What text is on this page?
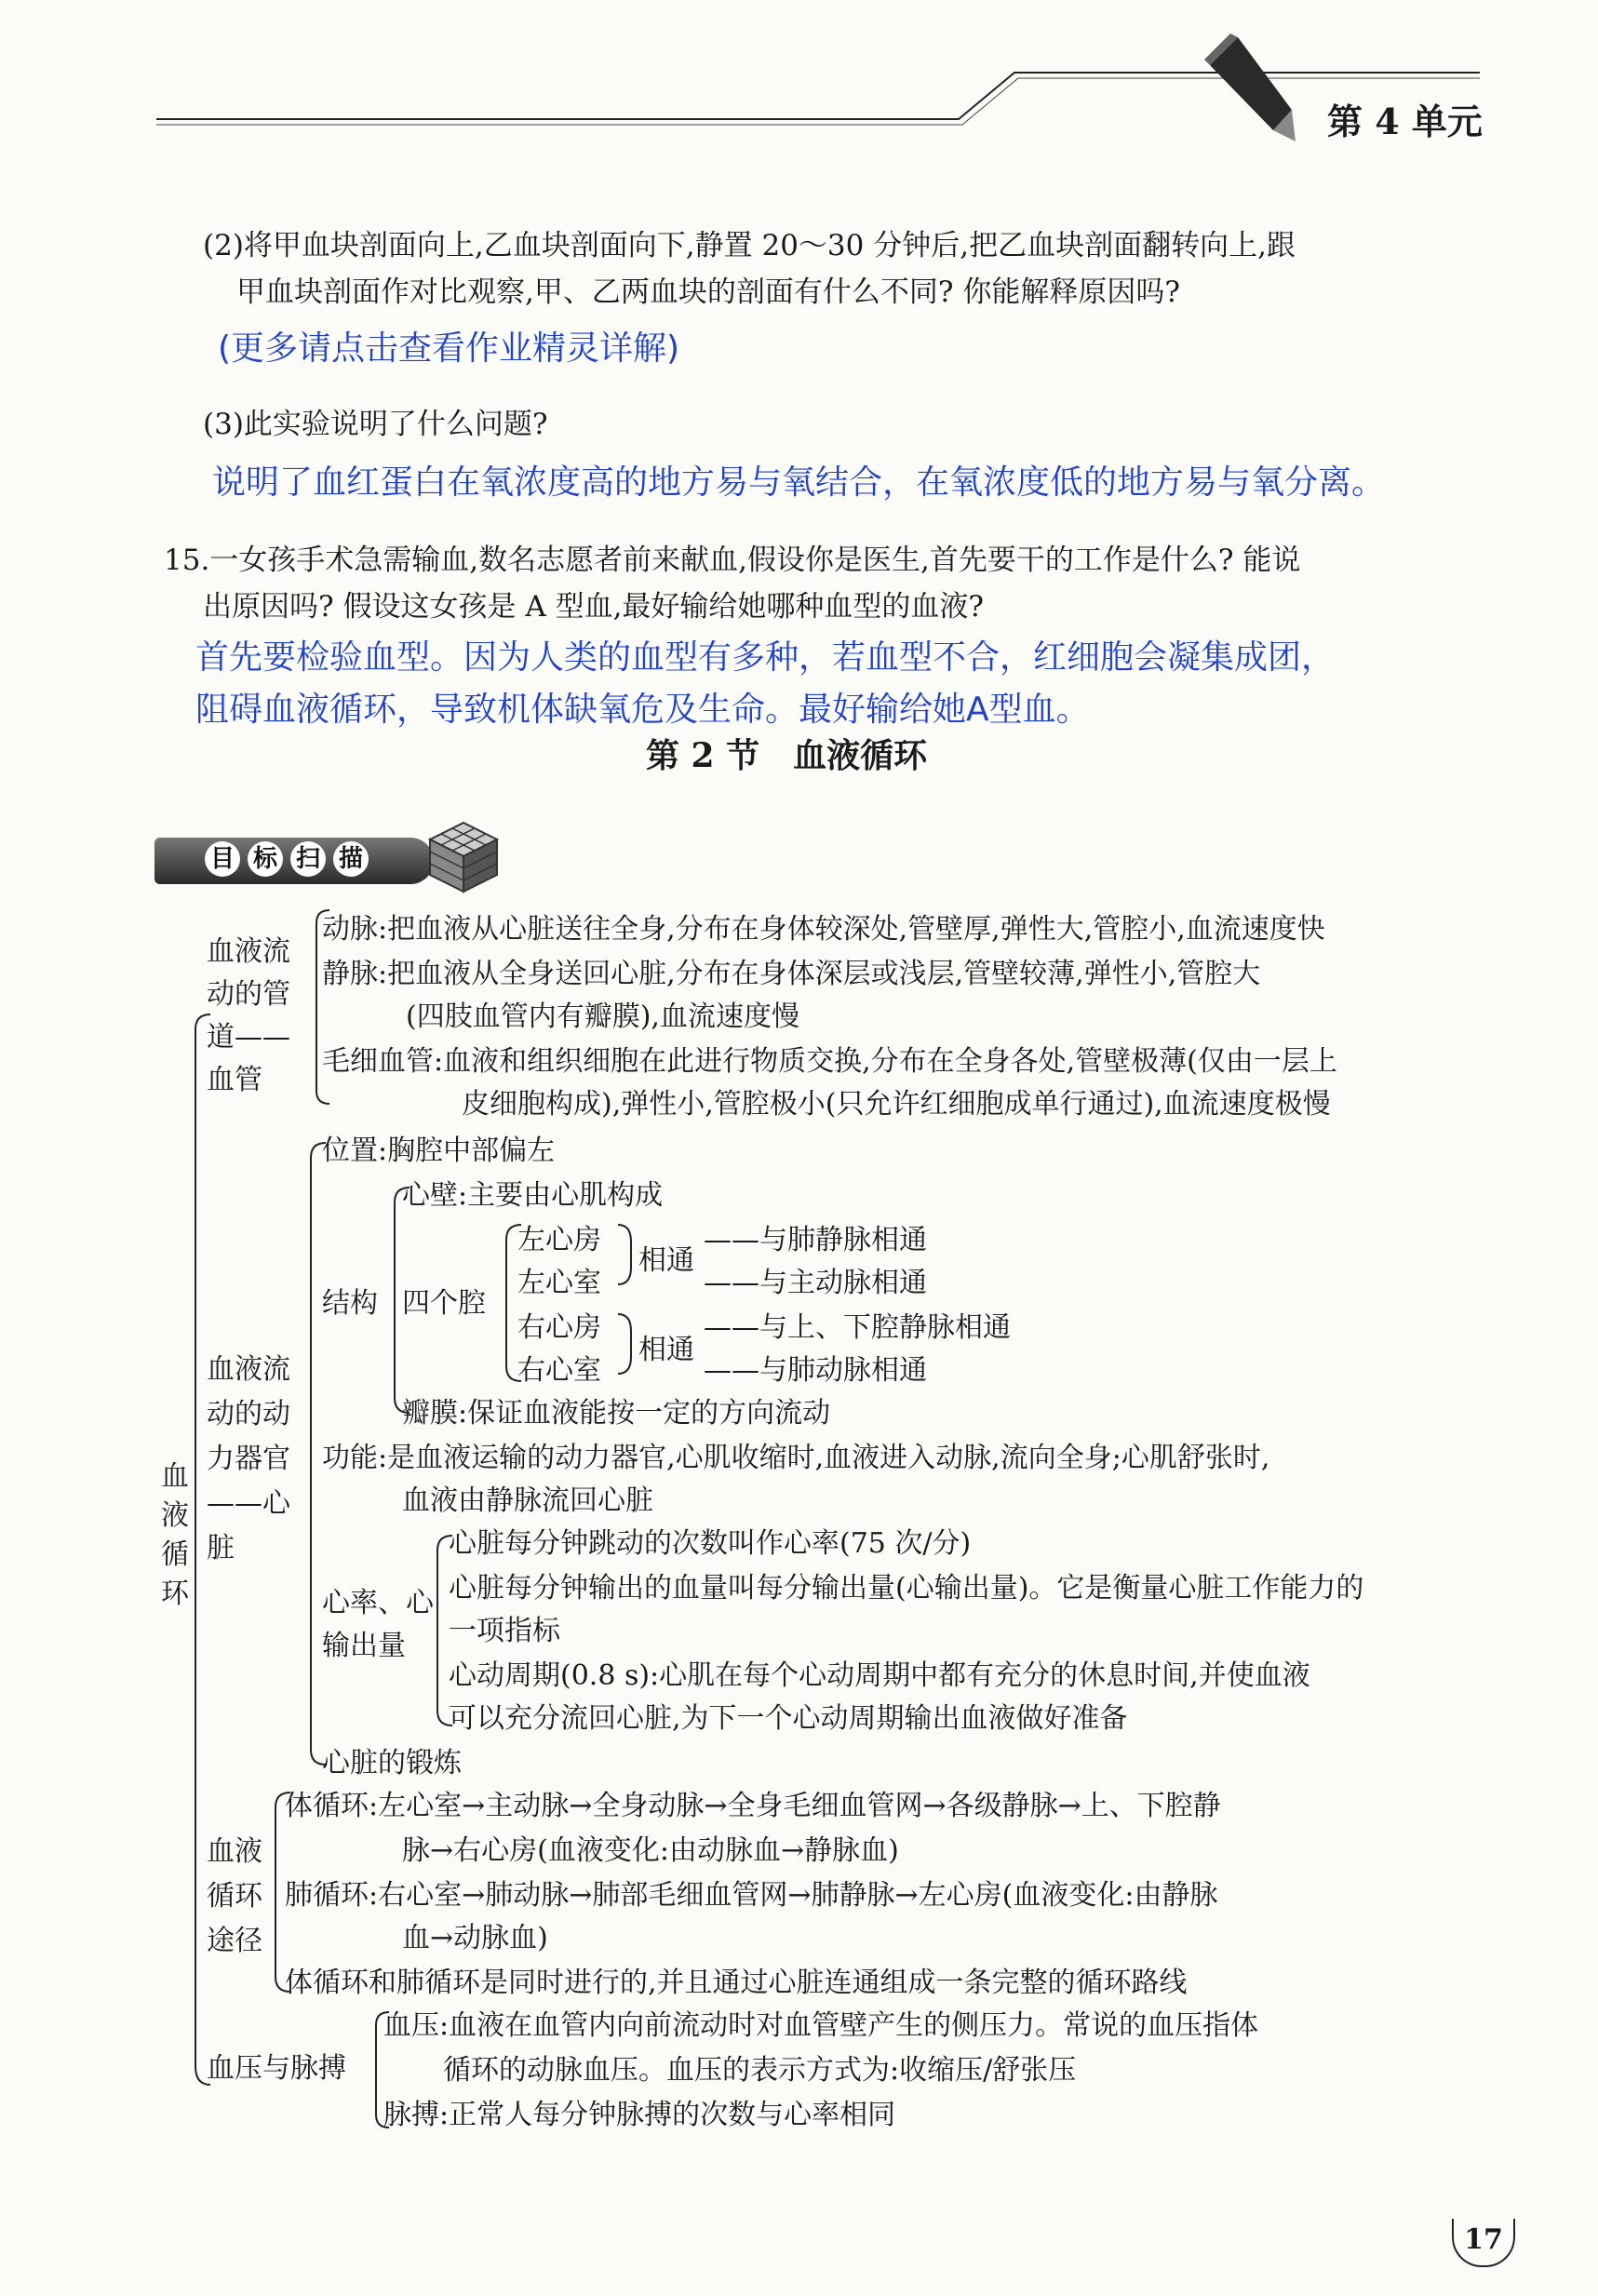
第 4 单元
(2)将甲血块剖面向上,乙血块剖面向下,静置 20～30 分钟后,把乙血块剖面翻转向上,跟
甲血块剖面作对比观察,甲、乙两血块的剖面有什么不同? 你能解释原因吗?
(更多请点击查看作业精灵详解)
(3)此实验说明了什么问题?
说明了血红蛋白在氧浓度高的地方易与氧结合，在氧浓度低的地方易与氧分离。
15.一女孩手术急需输血,数名志愿者前来献血,假设你是医生,首先要干的工作是什么? 能说
出原因吗? 假设这女孩是 A 型血,最好输给她哪种血型的血液?
首先要检验血型。因为人类的血型有多种，若血型不合，红细胞会凝集成团，
阻碍血液循环，导致机体缺氧危及生命。最好输给她A型血。
第 2 节　血液循环
目 标 扫 描
血
液
循
环
血液流
动的管
道——
血管
动脉:把血液从心脏送往全身,分布在身体较深处,管壁厚,弹性大,管腔小,血流速度快
静脉:把血液从全身送回心脏,分布在身体深层或浅层,管壁较薄,弹性小,管腔大
(四肢血管内有瓣膜),血流速度慢
毛细血管:血液和组织细胞在此进行物质交换,分布在全身各处,管壁极薄(仅由一层上
皮细胞构成),弹性小,管腔极小(只允许红细胞成单行通过),血流速度极慢
血液流
动的动
力器官
——心
脏
位置:胸腔中部偏左
结构
心壁:主要由心肌构成
四个腔
左心房
左心室
右心房
右心室
相通
相通
——与肺静脉相通
——与主动脉相通
——与上、下腔静脉相通
——与肺动脉相通
瓣膜:保证血液能按一定的方向流动
功能:是血液运输的动力器官,心肌收缩时,血液进入动脉,流向全身;心肌舒张时,
血液由静脉流回心脏
心率、心
输出量
心脏每分钟跳动的次数叫作心率(75 次/分)
心脏每分钟输出的血量叫每分输出量(心输出量)。它是衡量心脏工作能力的
一项指标
心动周期(0.8 s):心肌在每个心动周期中都有充分的休息时间,并使血液
可以充分流回心脏,为下一个心动周期输出血液做好准备
心脏的锻炼
血液
循环
途径
体循环:左心室→主动脉→全身动脉→全身毛细血管网→各级静脉→上、下腔静
脉→右心房(血液变化:由动脉血→静脉血)
肺循环:右心室→肺动脉→肺部毛细血管网→肺静脉→左心房(血液变化:由静脉
血→动脉血)
体循环和肺循环是同时进行的,并且通过心脏连通组成一条完整的循环路线
血压与脉搏
血压:血液在血管内向前流动时对血管壁产生的侧压力。常说的血压指体
循环的动脉血压。血压的表示方式为:收缩压/舒张压
脉搏:正常人每分钟脉搏的次数与心率相同
17
